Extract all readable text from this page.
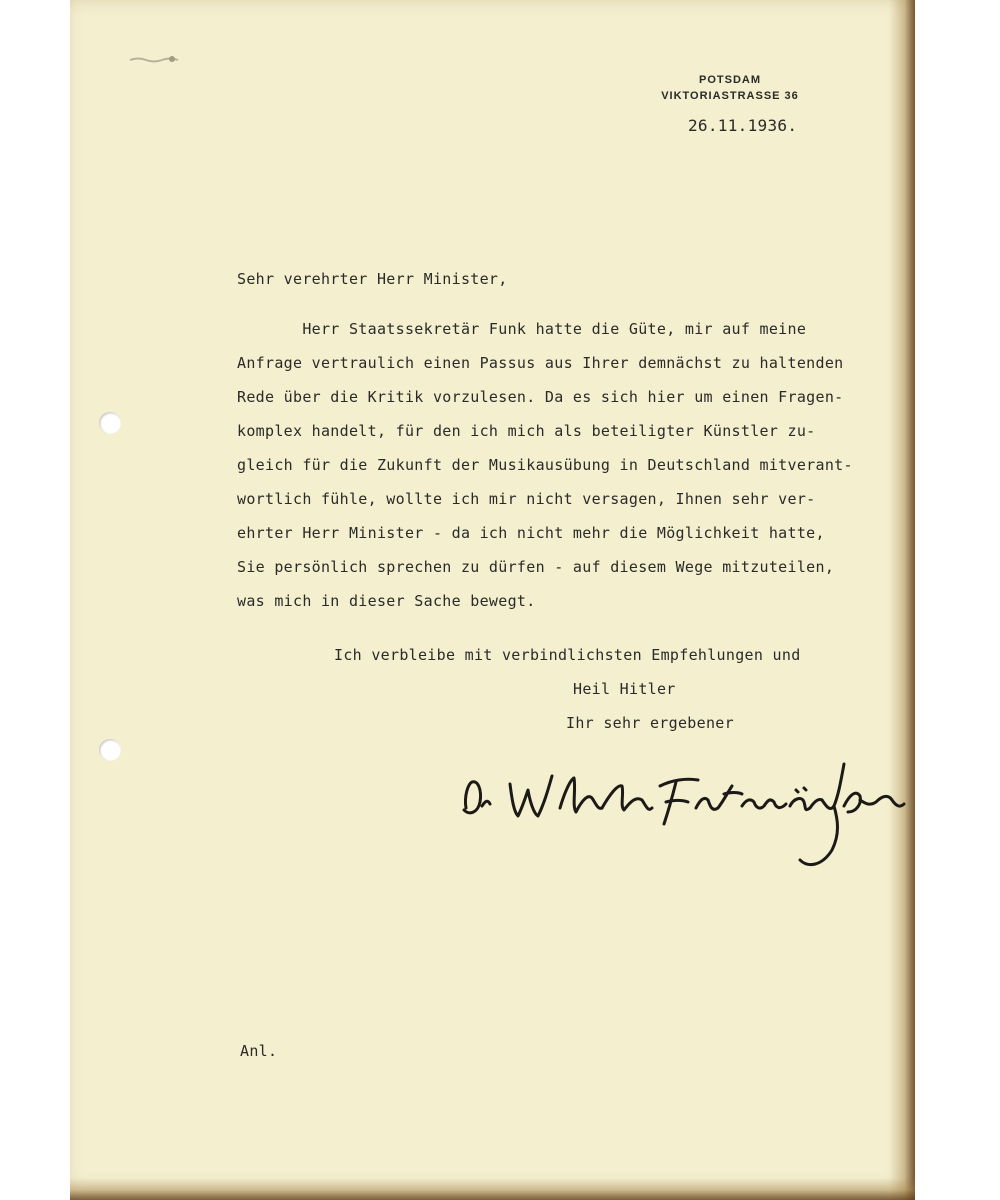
POTSDAM
VIKTORIASTRASSE 36
26.11.1936.
Sehr verehrter Herr Minister,
Herr Staatssekretär Funk hatte die Güte, mir auf meine
Anfrage vertraulich einen Passus aus Ihrer demnächst zu haltenden
Rede über die Kritik vorzulesen. Da es sich hier um einen Fragen-
komplex handelt, für den ich mich als beteiligter Künstler zu-
gleich für die Zukunft der Musikausübung in Deutschland mitverant-
wortlich fühle, wollte ich mir nicht versagen, Ihnen sehr ver-
ehrter Herr Minister - da ich nicht mehr die Möglichkeit hatte,
Sie persönlich sprechen zu dürfen - auf diesem Wege mitzuteilen,
was mich in dieser Sache bewegt.
Ich verbleibe mit verbindlichsten Empfehlungen und
Heil Hitler
Ihr sehr ergebener
Anl.
